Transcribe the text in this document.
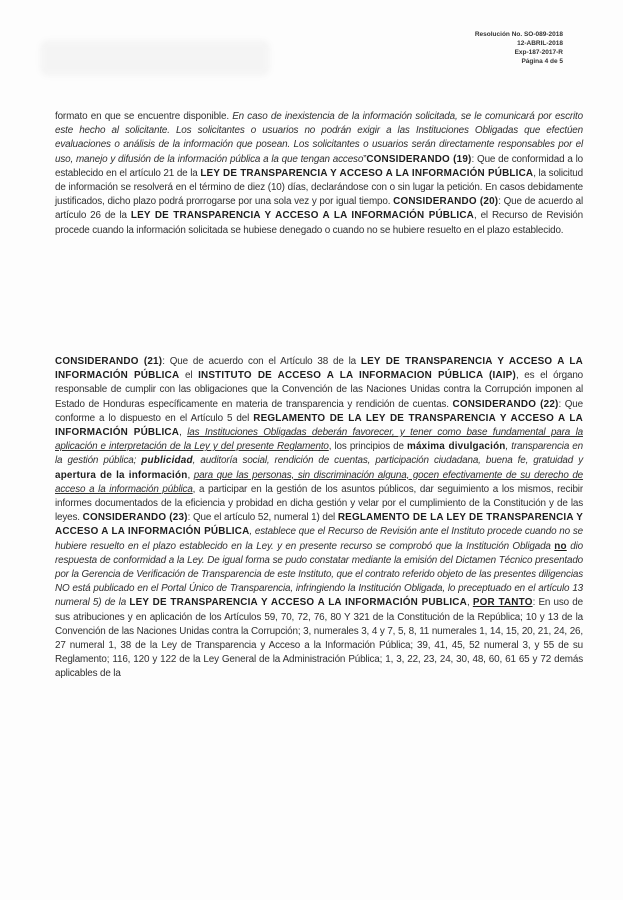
Resolución No. SO-089-2018
12-ABRIL-2018
Exp-187-2017-R
Página 4 de 5

formato en que se encuentre disponible. En caso de inexistencia de la información solicitada, se le comunicará por escrito este hecho al solicitante. Los solicitantes o usuarios no podrán exigir a las Instituciones Obligadas que efectúen evaluaciones o análisis de la información que posean. Los solicitantes o usuarios serán directamente responsables por el uso, manejo y difusión de la información pública a la que tengan acceso”CONSIDERANDO (19): Que de conformidad a lo establecido en el artículo 21 de la LEY DE TRANSPARENCIA Y ACCESO A LA INFORMACIÓN PÚBLICA, la solicitud de información se resolverá en el término de diez (10) días, declarándose con o sin lugar la petición. En casos debidamente justificados, dicho plazo podrá prorrogarse por una sola vez y por igual tiempo. CONSIDERANDO (20): Que de acuerdo al artículo 26 de la LEY DE TRANSPARENCIA Y ACCESO A LA INFORMACIÓN PÚBLICA, el Recurso de Revisión procede cuando la información solicitada se hubiese denegado o cuando no se hubiere resuelto en el plazo establecido.

CONSIDERANDO (21): Que de acuerdo con el Artículo 38 de la LEY DE TRANSPARENCIA Y ACCESO A LA INFORMACIÓN PÚBLICA el INSTITUTO DE ACCESO A LA INFORMACION PÚBLICA (IAIP), es el órgano responsable de cumplir con las obligaciones que la Convención de las Naciones Unidas contra la Corrupción imponen al Estado de Honduras específicamente en materia de transparencia y rendición de cuentas. CONSIDERANDO (22): Que conforme a lo dispuesto en el Artículo 5 del REGLAMENTO DE LA LEY DE TRANSPARENCIA Y ACCESO A LA INFORMACIÓN PÚBLICA, las Instituciones Obligadas deberán favorecer, y tener como base fundamental para la aplicación e interpretación de la Ley y del presente Reglamento, los principios de máxima divulgación, transparencia en la gestión pública; publicidad, auditoría social, rendición de cuentas, participación ciudadana, buena fe, gratuidad y apertura de la información, para que las personas, sin discriminación alguna, gocen efectivamente de su derecho de acceso a la información pública, a participar en la gestión de los asuntos públicos, dar seguimiento a los mismos, recibir informes documentados de la eficiencia y probidad en dicha gestión y velar por el cumplimiento de la Constitución y de las leyes. CONSIDERANDO (23): Que el artículo 52, numeral 1) del REGLAMENTO DE LA LEY DE TRANSPARENCIA Y ACCESO A LA INFORMACIÓN PÚBLICA, establece que el Recurso de Revisión ante el Instituto procede cuando no se hubiere resuelto en el plazo establecido en la Ley. y en presente recurso se comprobó que la Institución Obligada no dio respuesta de conformidad a la Ley. De igual forma se pudo constatar mediante la emisión del Dictamen Técnico presentado por la Gerencia de Verificación de Transparencia de este Instituto, que el contrato referido objeto de las presentes diligencias NO está publicado en el Portal Único de Transparencia, infringiendo la Institución Obligada, lo preceptuado en el artículo 13 numeral 5) de la LEY DE TRANSPARENCIA Y ACCESO A LA INFORMACIÓN PUBLICA, POR TANTO: En uso de sus atribuciones y en aplicación de los Artículos 59, 70, 72, 76, 80 Y 321 de la Constitución de la República; 10 y 13 de la Convención de las Naciones Unidas contra la Corrupción; 3, numerales 3, 4 y 7, 5, 8, 11 numerales 1, 14, 15, 20, 21, 24, 26, 27 numeral 1, 38 de la Ley de Transparencia y Acceso a la Información Pública; 39, 41, 45, 52 numeral 3, y 55 de su Reglamento; 116, 120 y 122 de la Ley General de la Administración Pública; 1, 3, 22, 23, 24, 30, 48, 60, 61 65 y 72 demás aplicables de la
